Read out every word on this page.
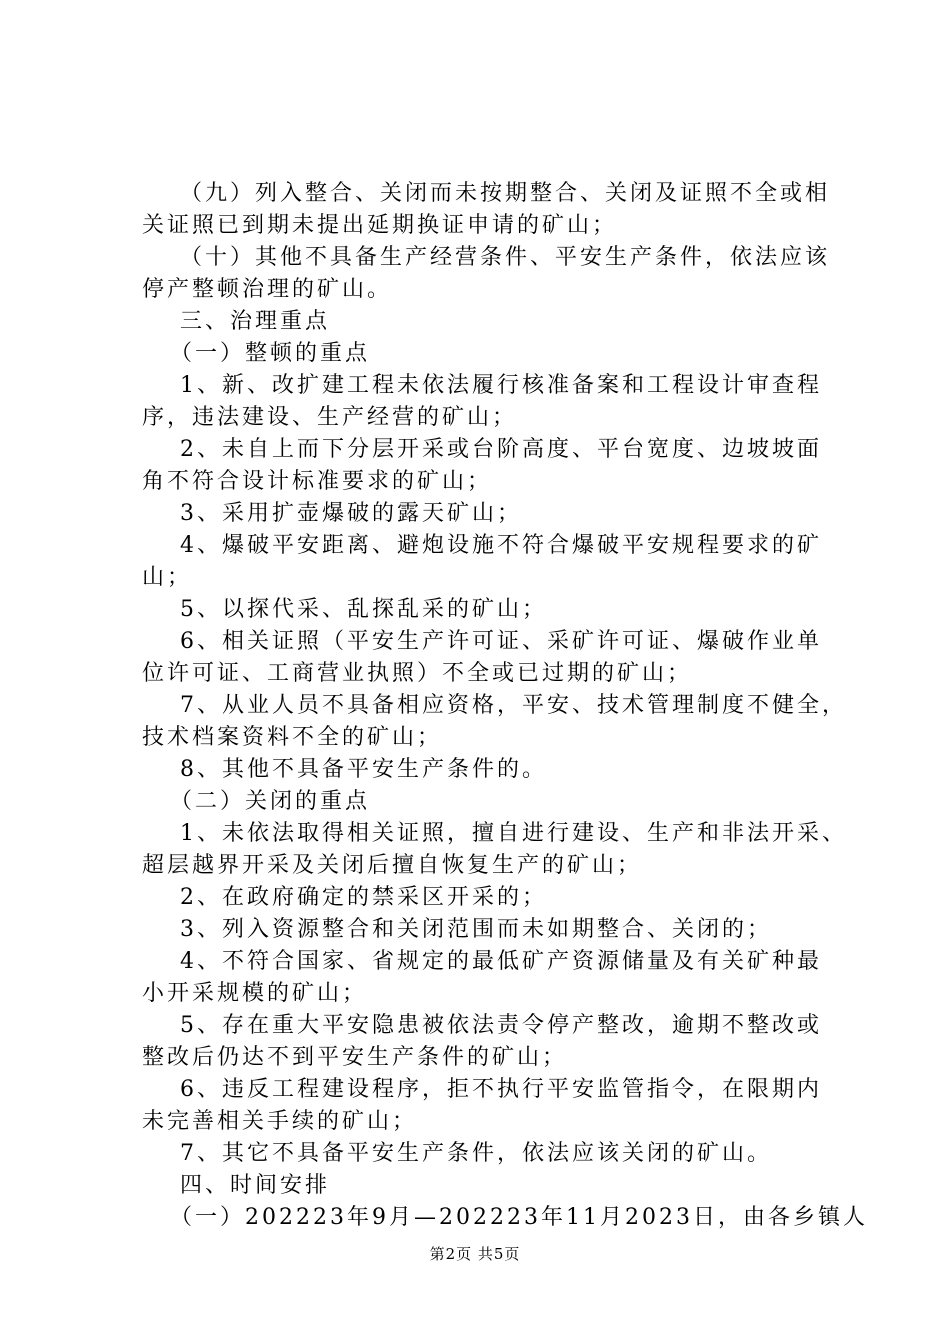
（九）列入整合、关闭而未按期整合、关闭及证照不全或相
关证照已到期未提出延期换证申请的矿山；
（十）其他不具备生产经营条件、平安生产条件，依法应该
停产整顿治理的矿山。
三、治理重点
（一）整顿的重点
1、新、改扩建工程未依法履行核准备案和工程设计审查程
序，违法建设、生产经营的矿山；
2、未自上而下分层开采或台阶高度、平台宽度、边坡坡面
角不符合设计标准要求的矿山；
3、采用扩壶爆破的露天矿山；
4、爆破平安距离、避炮设施不符合爆破平安规程要求的矿
山；
5、以探代采、乱探乱采的矿山；
6、相关证照（平安生产许可证、采矿许可证、爆破作业单
位许可证、工商营业执照）不全或已过期的矿山；
7、从业人员不具备相应资格，平安、技术管理制度不健全，
技术档案资料不全的矿山；
8、其他不具备平安生产条件的。
（二）关闭的重点
1、未依法取得相关证照，擅自进行建设、生产和非法开采、
超层越界开采及关闭后擅自恢复生产的矿山；
2、在政府确定的禁采区开采的；
3、列入资源整合和关闭范围而未如期整合、关闭的；
4、不符合国家、省规定的最低矿产资源储量及有关矿种最
小开采规模的矿山；
5、存在重大平安隐患被依法责令停产整改，逾期不整改或
整改后仍达不到平安生产条件的矿山；
6、违反工程建设程序，拒不执行平安监管指令，在限期内
未完善相关手续的矿山；
7、其它不具备平安生产条件，依法应该关闭的矿山。
四、时间安排
（一）202223年9月—202223年11月2023日，由各乡镇人
第2页 共5页
